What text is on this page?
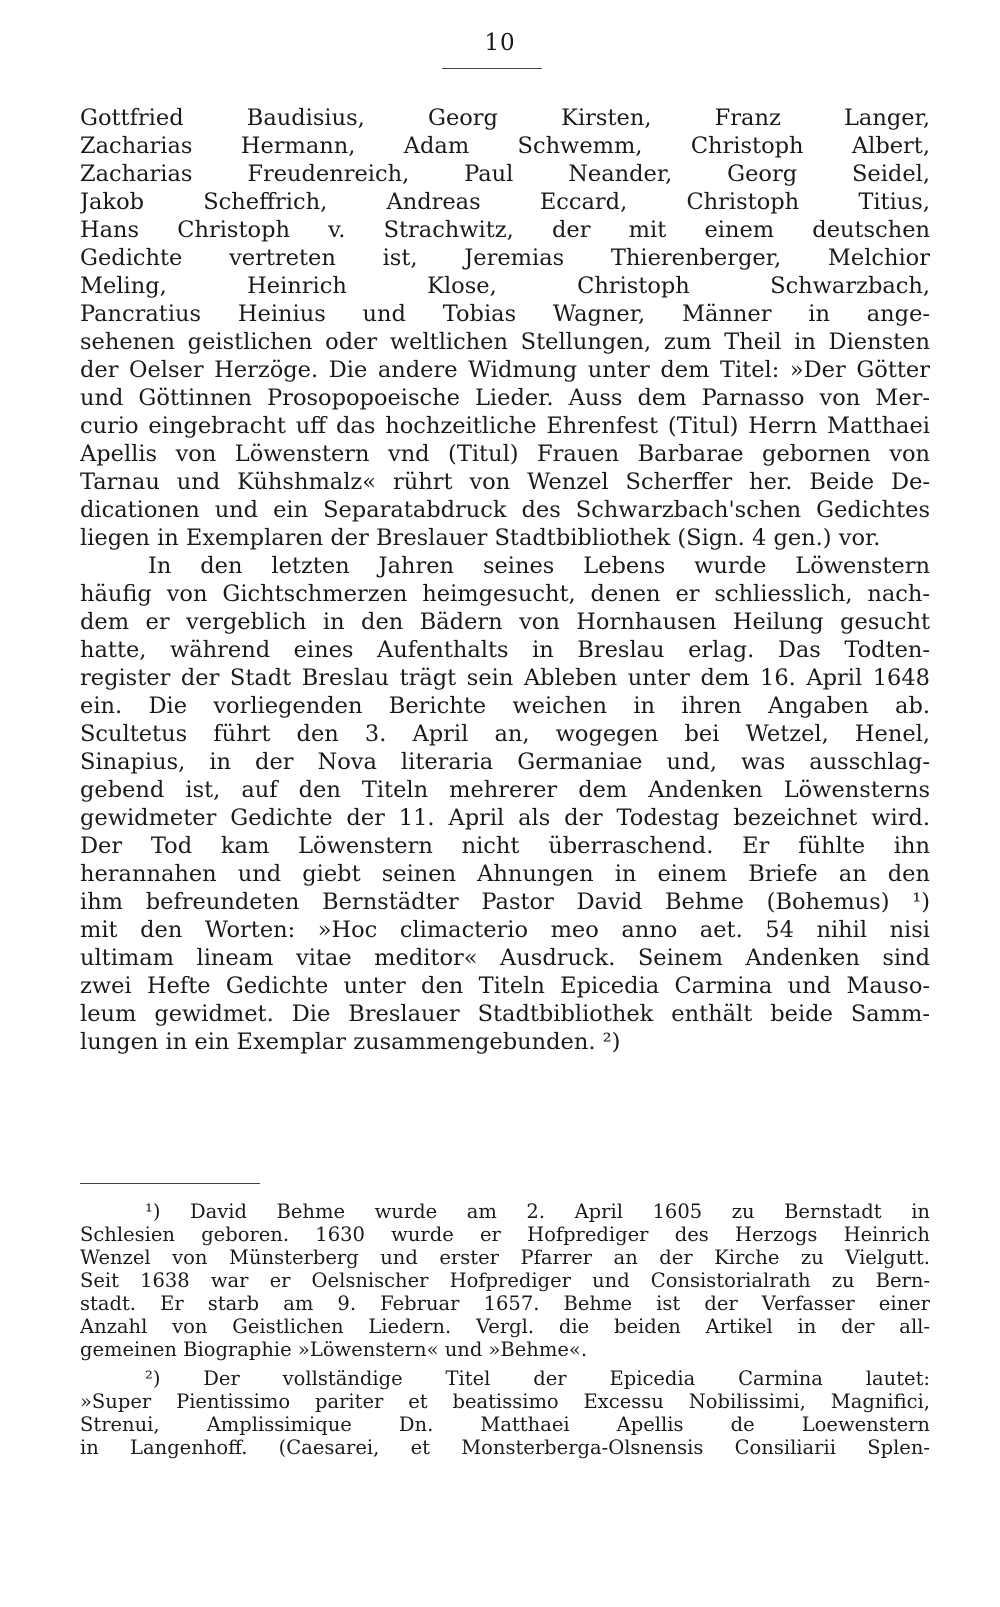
10
Gottfried Baudisius, Georg Kirsten, Franz Langer,
Zacharias Hermann, Adam Schwemm, Christoph Albert,
Zacharias Freudenreich, Paul Neander, Georg Seidel,
Jakob Scheffrich, Andreas Eccard, Christoph Titius,
Hans Christoph v. Strachwitz, der mit einem deutschen
Gedichte vertreten ist, Jeremias Thierenberger, Melchior
Meling, Heinrich Klose, Christoph Schwarzbach,
Pancratius Heinius und Tobias Wagner, Männer in ange-
sehenen geistlichen oder weltlichen Stellungen, zum Theil in Diensten
der Oelser Herzöge. Die andere Widmung unter dem Titel: »Der Götter
und Göttinnen Prosopopoeische Lieder. Auss dem Parnasso von Mer-
curio eingebracht uff das hochzeitliche Ehrenfest (Titul) Herrn Matthaei
Apellis von Löwenstern vnd (Titul) Frauen Barbarae gebornen von
Tarnau und Kühshmalz« rührt von Wenzel Scherffer her. Beide De-
dicationen und ein Separatabdruck des Schwarzbach'schen Gedichtes
liegen in Exemplaren der Breslauer Stadtbibliothek (Sign. 4 gen.) vor.
In den letzten Jahren seines Lebens wurde Löwenstern
häufig von Gichtschmerzen heimgesucht, denen er schliesslich, nach-
dem er vergeblich in den Bädern von Hornhausen Heilung gesucht
hatte, während eines Aufenthalts in Breslau erlag. Das Todten-
register der Stadt Breslau trägt sein Ableben unter dem 16. April 1648
ein. Die vorliegenden Berichte weichen in ihren Angaben ab.
Scultetus führt den 3. April an, wogegen bei Wetzel, Henel,
Sinapius, in der Nova literaria Germaniae und, was ausschlag-
gebend ist, auf den Titeln mehrerer dem Andenken Löwensterns
gewidmeter Gedichte der 11. April als der Todestag bezeichnet wird.
Der Tod kam Löwenstern nicht überraschend. Er fühlte ihn
herannahen und giebt seinen Ahnungen in einem Briefe an den
ihm befreundeten Bernstädter Pastor David Behme (Bohemus) ¹)
mit den Worten: »Hoc climacterio meo anno aet. 54 nihil nisi
ultimam lineam vitae meditor« Ausdruck. Seinem Andenken sind
zwei Hefte Gedichte unter den Titeln Epicedia Carmina und Mauso-
leum gewidmet. Die Breslauer Stadtbibliothek enthält beide Samm-
lungen in ein Exemplar zusammengebunden. ²)
¹) David Behme wurde am 2. April 1605 zu Bernstadt in
Schlesien geboren. 1630 wurde er Hofprediger des Herzogs Heinrich
Wenzel von Münsterberg und erster Pfarrer an der Kirche zu Vielgutt.
Seit 1638 war er Oelsnischer Hofprediger und Consistorialrath zu Bern-
stadt. Er starb am 9. Februar 1657. Behme ist der Verfasser einer
Anzahl von Geistlichen Liedern. Vergl. die beiden Artikel in der all-
gemeinen Biographie »Löwenstern« und »Behme«.
²) Der vollständige Titel der Epicedia Carmina lautet:
»Super Pientissimo pariter et beatissimo Excessu Nobilissimi, Magnifici,
Strenui, Amplissimique Dn. Matthaei Apellis de Loewenstern
in Langenhoff. (Caesarei, et Monsterberga-Olsnensis Consiliarii Splen-
